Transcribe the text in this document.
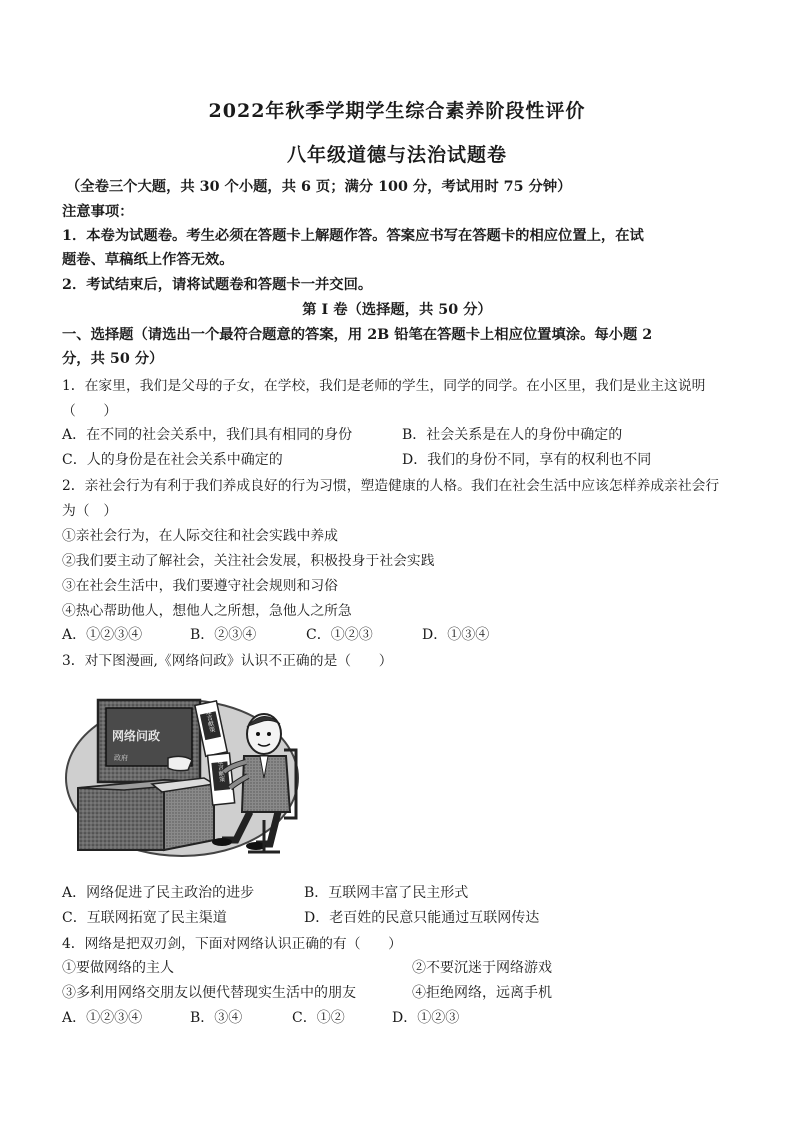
2022年秋季学期学生综合素养阶段性评价
八年级道德与法治试题卷
（全卷三个大题，共 30 个小题，共 6 页；满分 100 分，考试用时 75 分钟）
注意事项：
1．本卷为试题卷。考生必须在答题卡上解题作答。答案应书写在答题卡的相应位置上，在试
题卷、草稿纸上作答无效。
2．考试结束后，请将试题卷和答题卡一并交回。
第 I 卷（选择题，共 50 分）
一、选择题（请选出一个最符合题意的答案，用 2B 铅笔在答题卡上相应位置填涂。每小题 2
分，共 50 分）
1．在家里，我们是父母的子女，在学校，我们是老师的学生，同学的同学。在小区里，我们是业主这说明
（　　）
A．在不同的社会关系中，我们具有相同的身份	B．社会关系是在人的身份中确定的
C．人的身份是在社会关系中确定的	D．我们的身份不同，享有的权利也不同
2．亲社会行为有利于我们养成良好的行为习惯，塑造健康的人格。我们在社会生活中应该怎样养成亲社会行
为（　）
①亲社会行为，在人际交往和社会实践中养成
②我们要主动了解社会，关注社会发展，积极投身于社会实践
③在社会生活中，我们要遵守社会规则和习俗
④热心帮助他人，想他人之所想，急他人之所急
A．①②③④	B．②③④	C．①②③	D．①③④
3．对下图漫画,《网络问政》认识不正确的是（　　）
网络问政
政府
建言献策
建言献策
A．网络促进了民主政治的进步	B．互联网丰富了民主形式
C．互联网拓宽了民主渠道	D．老百姓的民意只能通过互联网传达
4．网络是把双刃剑，下面对网络认识正确的有（　　）
①要做网络的主人	②不要沉迷于网络游戏
③多利用网络交朋友以便代替现实生活中的朋友	④拒绝网络，远离手机
A．①②③④	B．③④	C．①②	D．①②③
